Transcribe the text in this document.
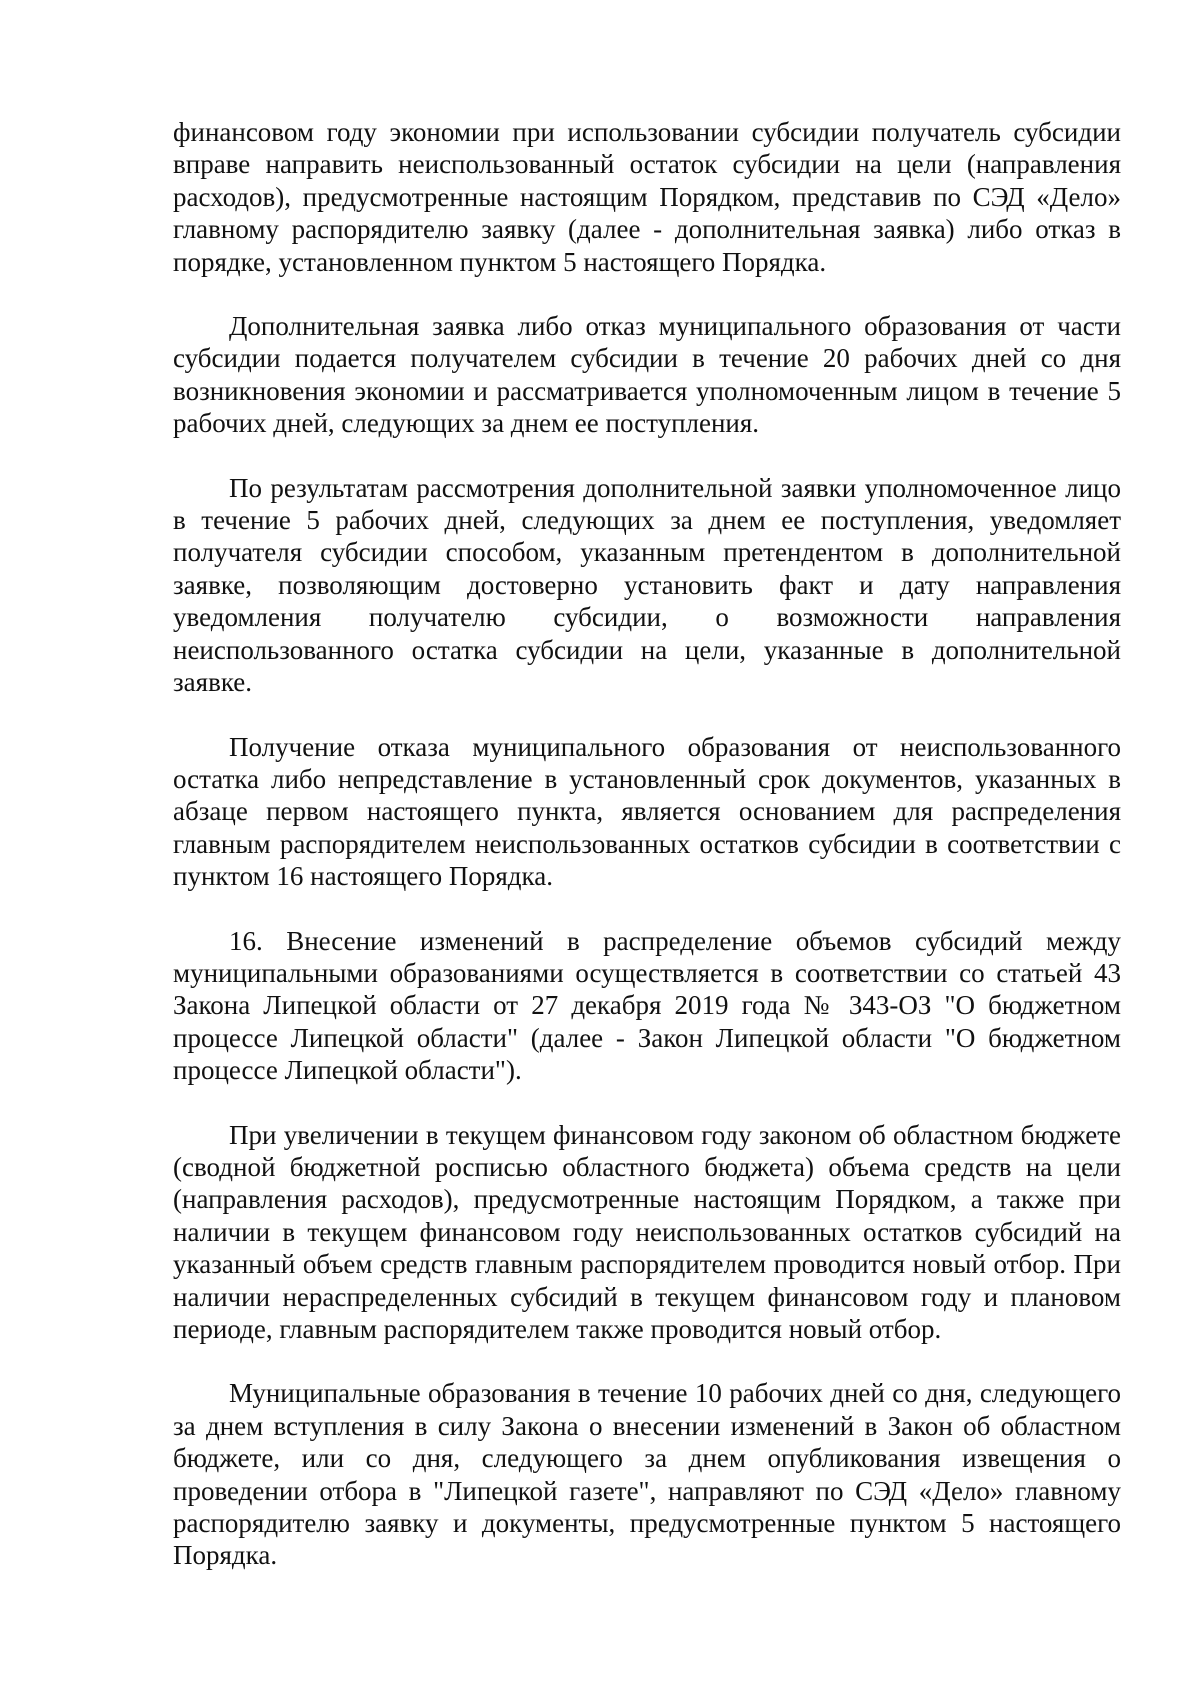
финансовом году экономии при использовании субсидии получатель субсидии вправе направить неиспользованный остаток субсидии на цели (направления расходов), предусмотренные настоящим Порядком, представив по СЭД «Дело» главному распорядителю заявку (далее - дополнительная заявка) либо отказ в порядке, установленном пунктом 5 настоящего Порядка.

Дополнительная заявка либо отказ муниципального образования от части субсидии подается получателем субсидии в течение 20 рабочих дней со дня возникновения экономии и рассматривается уполномоченным лицом в течение 5 рабочих дней, следующих за днем ее поступления.

По результатам рассмотрения дополнительной заявки уполномоченное лицо в течение 5 рабочих дней, следующих за днем ее поступления, уведомляет получателя субсидии способом, указанным претендентом в дополнительной заявке, позволяющим достоверно установить факт и дату направления уведомления получателю субсидии, о возможности направления неиспользованного остатка субсидии на цели, указанные в дополнительной заявке.

Получение отказа муниципального образования от неиспользованного остатка либо непредставление в установленный срок документов, указанных в абзаце первом настоящего пункта, является основанием для распределения главным распорядителем неиспользованных остатков субсидии в соответствии с пунктом 16 настоящего Порядка.

16. Внесение изменений в распределение объемов субсидий между муниципальными образованиями осуществляется в соответствии со статьей 43 Закона Липецкой области от 27 декабря 2019 года № 343-ОЗ "О бюджетном процессе Липецкой области" (далее - Закон Липецкой области "О бюджетном процессе Липецкой области").

При увеличении в текущем финансовом году законом об областном бюджете (сводной бюджетной росписью областного бюджета) объема средств на цели (направления расходов), предусмотренные настоящим Порядком, а также при наличии в текущем финансовом году неиспользованных остатков субсидий на указанный объем средств главным распорядителем проводится новый отбор. При наличии нераспределенных субсидий в текущем финансовом году и плановом периоде, главным распорядителем также проводится новый отбор.

Муниципальные образования в течение 10 рабочих дней со дня, следующего за днем вступления в силу Закона о внесении изменений в Закон об областном бюджете, или со дня, следующего за днем опубликования извещения о проведении отбора в "Липецкой газете", направляют по СЭД «Дело» главному распорядителю заявку и документы, предусмотренные пунктом 5 настоящего Порядка.
